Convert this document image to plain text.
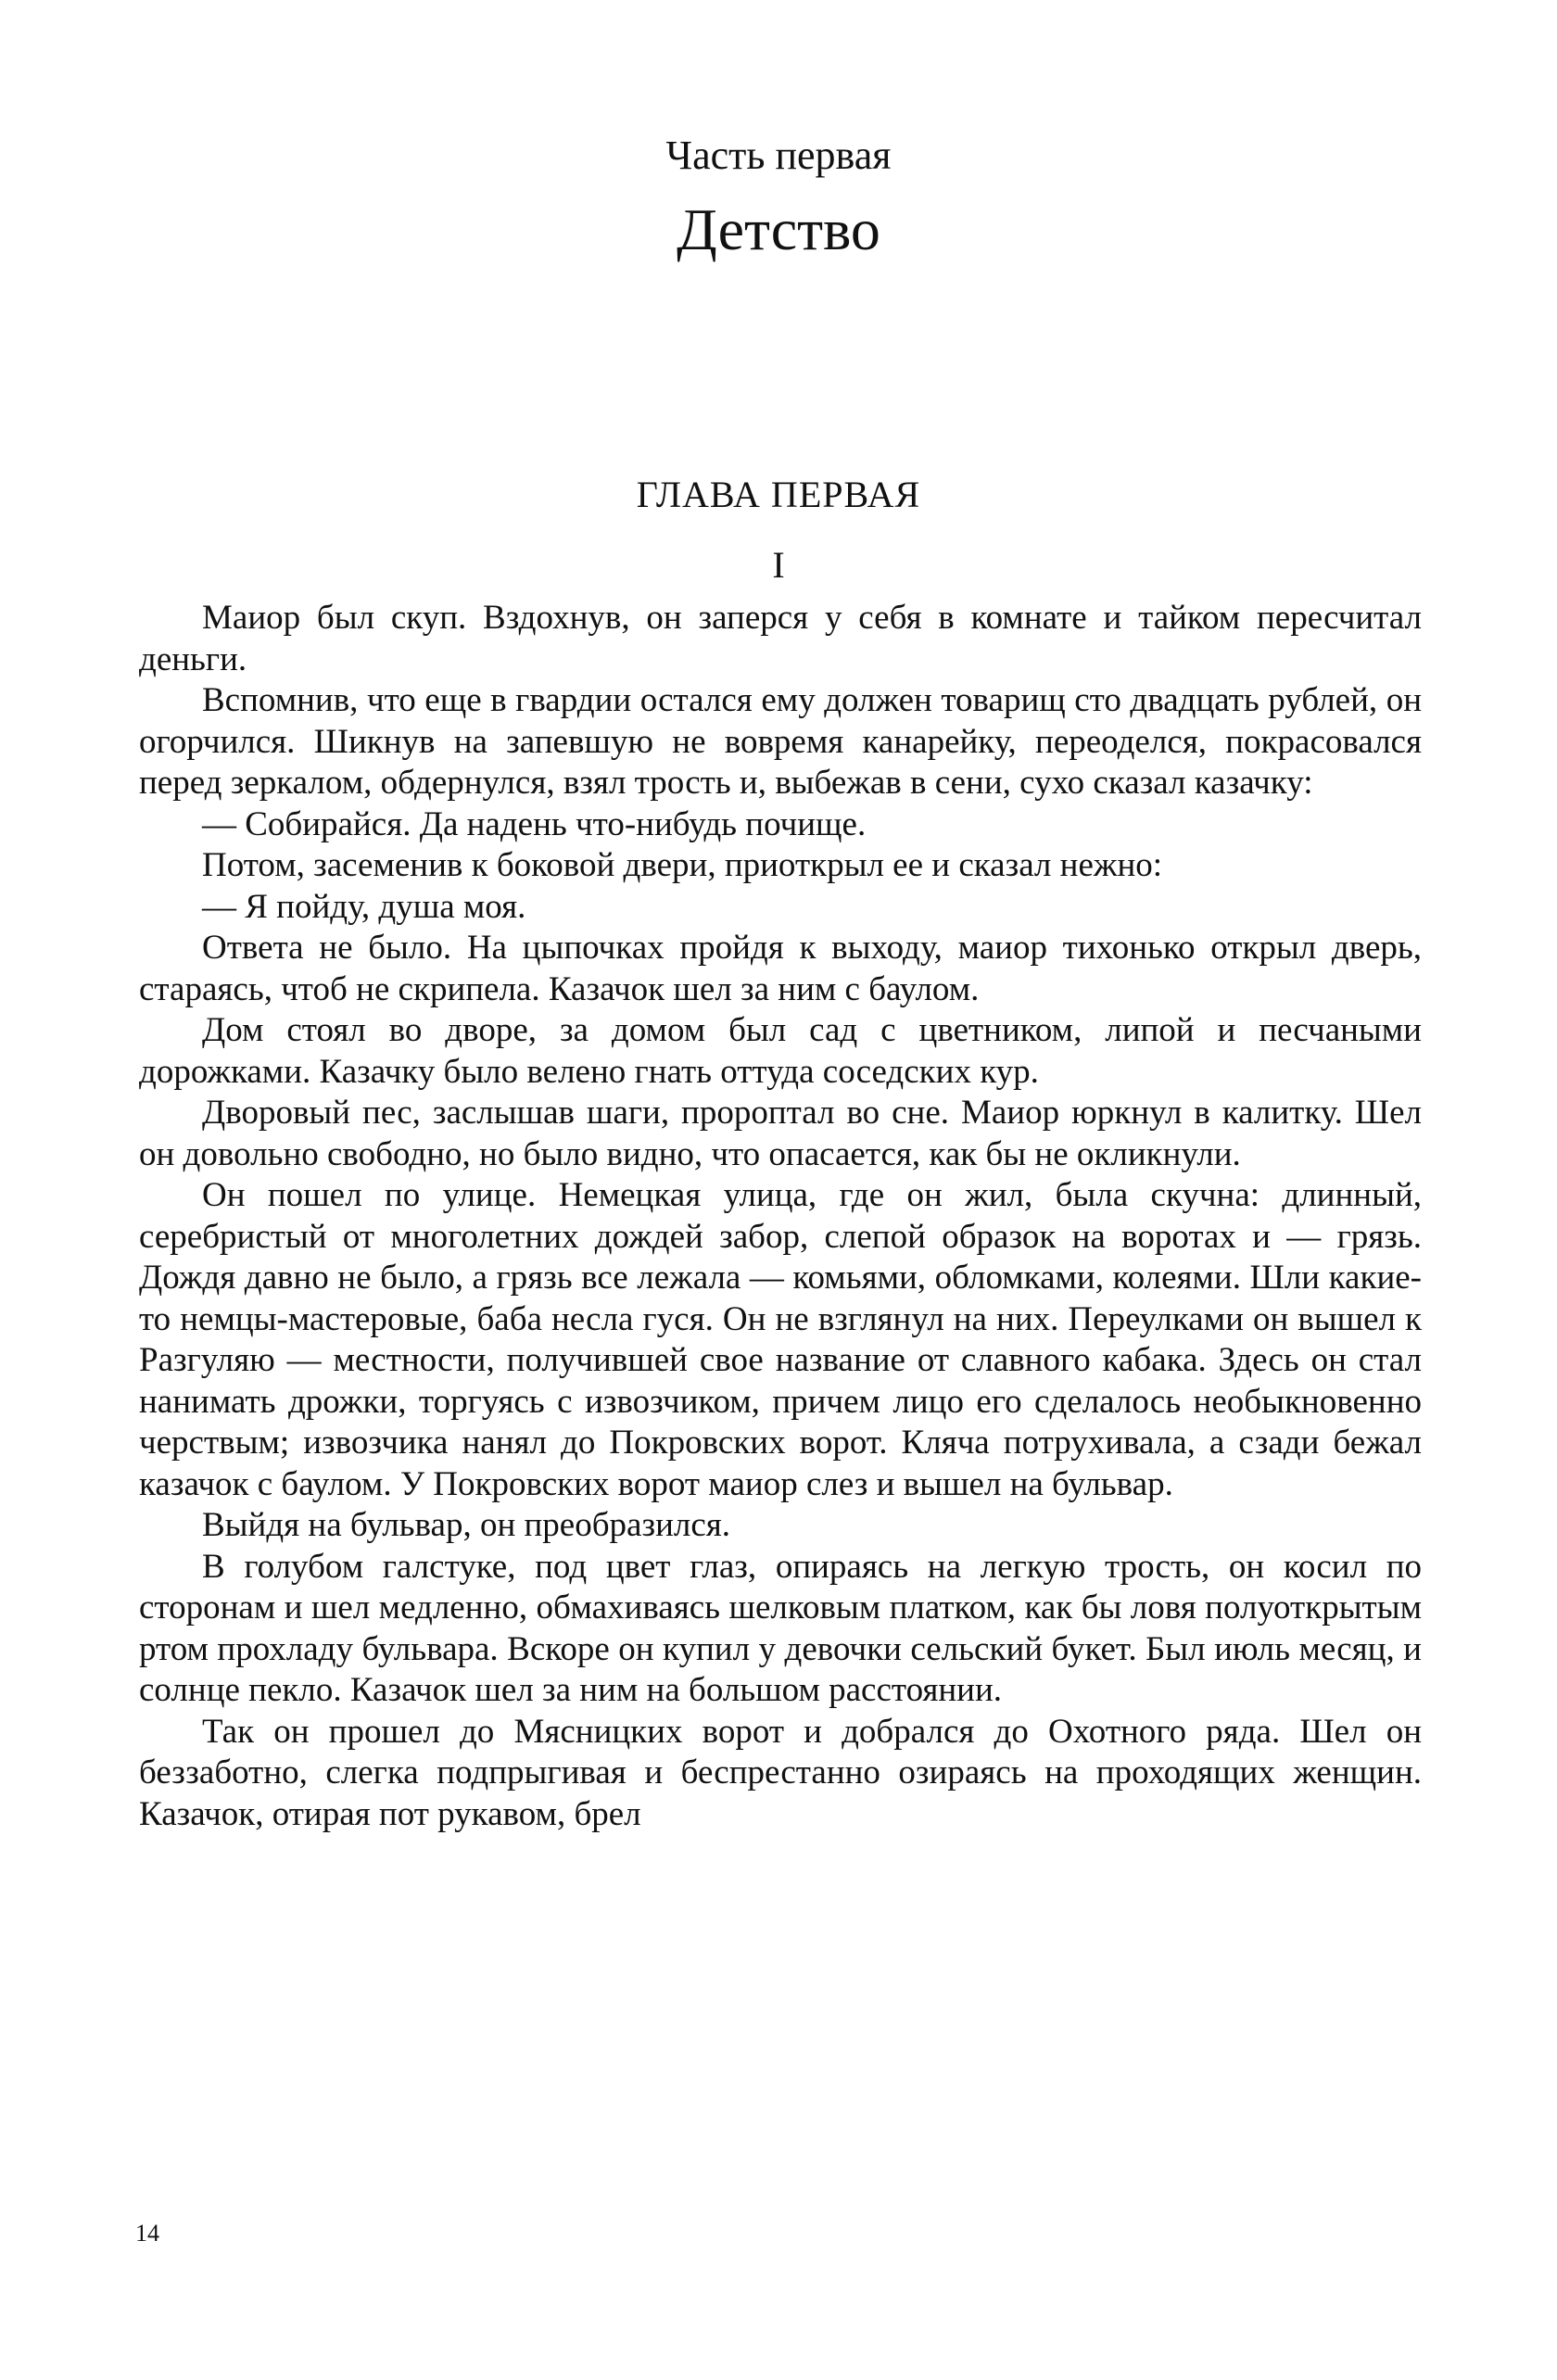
Часть первая
Детство
ГЛАВА ПЕРВАЯ
I

Маиор был скуп. Вздохнув, он заперся у себя в комнате и тайком пересчитал деньги.

Вспомнив, что еще в гвардии остался ему должен товарищ сто двадцать рублей, он огорчился. Шикнув на запевшую не вовремя канарейку, переоделся, покрасовался перед зеркалом, обдернулся, взял трость и, выбежав в сени, сухо сказал казачку:

— Собирайся. Да надень что-нибудь почище.

Потом, засеменив к боковой двери, приоткрыл ее и сказал нежно:

— Я пойду, душа моя.

Ответа не было. На цыпочках пройдя к выходу, маиор тихонько открыл дверь, стараясь, чтоб не скрипела. Казачок шел за ним с баулом.

Дом стоял во дворе, за домом был сад с цветником, липой и песчаными дорожками. Казачку было велено гнать оттуда соседских кур.

Дворовый пес, заслышав шаги, пророптал во сне. Маиор юркнул в калитку. Шел он довольно свободно, но было видно, что опасается, как бы не окликнули.

Он пошел по улице. Немецкая улица, где он жил, была скучна: длинный, серебристый от многолетних дождей забор, слепой образок на воротах и — грязь. Дождя давно не было, а грязь все лежала — комьями, обломками, колеями. Шли какие-то немцы-мастеровые, баба несла гуся. Он не взглянул на них. Переулками он вышел к Разгуляю — местности, получившей свое название от славного кабака. Здесь он стал нанимать дрожки, торгуясь с извозчиком, причем лицо его сделалось необыкновенно черствым; извозчика нанял до Покровских ворот. Кляча потрухивала, а сзади бежал казачок с баулом. У Покровских ворот маиор слез и вышел на бульвар.

Выйдя на бульвар, он преобразился.

В голубом галстуке, под цвет глаз, опираясь на легкую трость, он косил по сторонам и шел медленно, обмахиваясь шелковым платком, как бы ловя полуоткрытым ртом прохладу бульвара. Вскоре он купил у девочки сельский букет. Был июль месяц, и солнце пекло. Казачок шел за ним на большом расстоянии.

Так он прошел до Мясницких ворот и добрался до Охотного ряда. Шел он беззаботно, слегка подпрыгивая и беспрестанно озираясь на проходящих женщин. Казачок, отирая пот рукавом, брел

14
